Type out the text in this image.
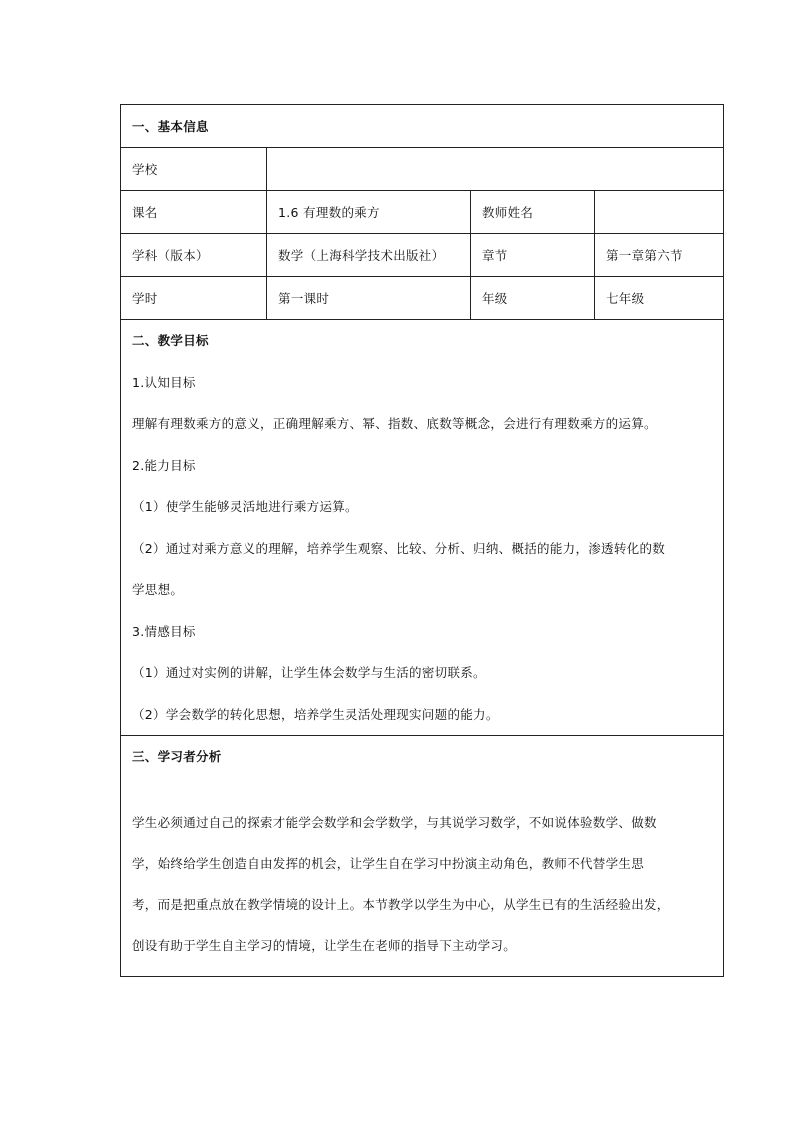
一、基本信息
学校
课名	1.6 有理数的乘方	教师姓名
学科（版本）	数学（上海科学技术出版社）	章节	第一章第六节
学时	第一课时	年级	七年级
二、教学目标
1.认知目标
理解有理数乘方的意义，正确理解乘方、幂、指数、底数等概念，会进行有理数乘方的运算。
2.能力目标
（1）使学生能够灵活地进行乘方运算。
（2）通过对乘方意义的理解，培养学生观察、比较、分析、归纳、概括的能力，渗透转化的数
学思想。
3.情感目标
（1）通过对实例的讲解，让学生体会数学与生活的密切联系。
（2）学会数学的转化思想，培养学生灵活处理现实问题的能力。
三、学习者分析
学生必须通过自己的探索才能学会数学和会学数学，与其说学习数学，不如说体验数学、做数
学，始终给学生创造自由发挥的机会，让学生自在学习中扮演主动角色，教师不代替学生思
考，而是把重点放在教学情境的设计上。本节教学以学生为中心，从学生已有的生活经验出发，
创设有助于学生自主学习的情境，让学生在老师的指导下主动学习。
